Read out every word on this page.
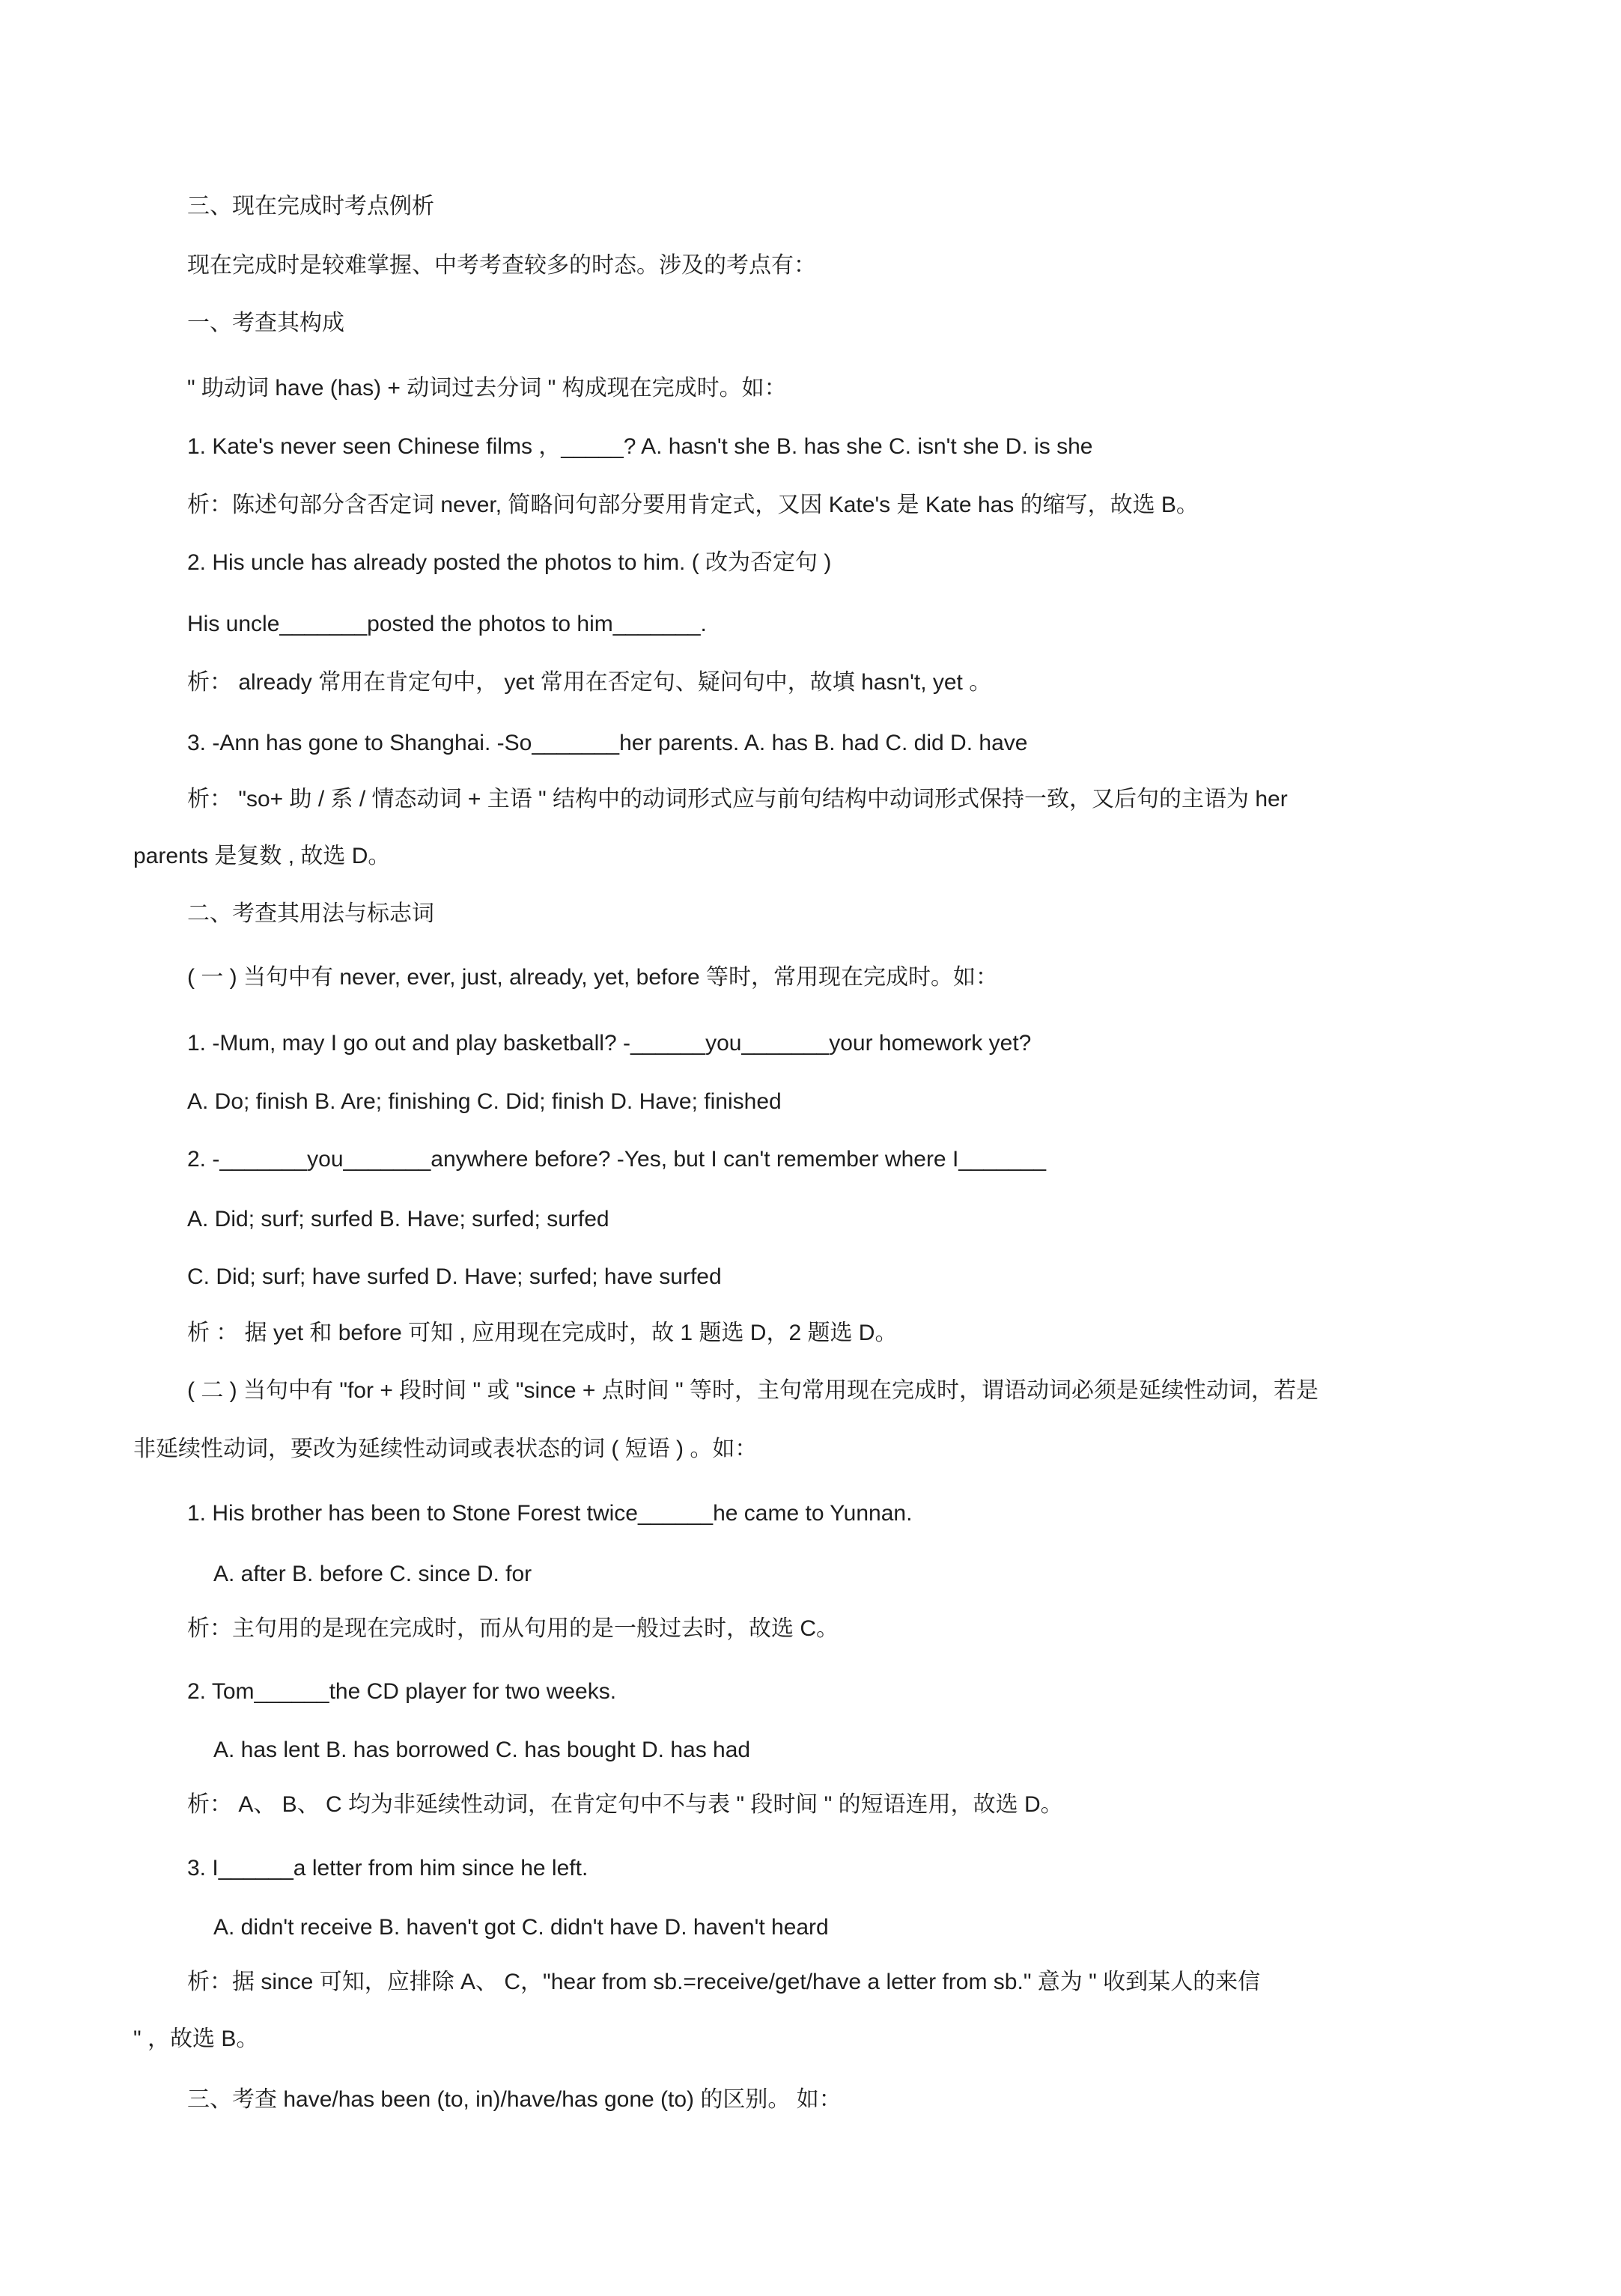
三、现在完成时考点例析
现在完成时是较难掌握、中考考查较多的时态。涉及的考点有：
一、考查其构成
" 助动词 have (has) + 动词过去分词 " 构成现在完成时。如：
1. Kate's never seen Chinese films ，_____? A. hasn't she B. has she C. isn't she D. is she
析：陈述句部分含否定词 never, 简略问句部分要用肯定式，又因 Kate's 是 Kate has 的缩写，故选 B。
2. His uncle has already posted the photos to him. ( 改为否定句 )
His uncle_______posted the photos to him_______.
析： already 常用在肯定句中， yet 常用在否定句、疑问句中，故填 hasn't, yet 。
3. -Ann has gone to Shanghai. -So_______her parents. A. has B. had C. did D. have
析： "so+ 助 / 系 / 情态动词 + 主语 " 结构中的动词形式应与前句结构中动词形式保持一致，又后句的主语为 her
parents 是复数 , 故选 D。
二、考查其用法与标志词
( 一 ) 当句中有 never, ever, just, already, yet, before 等时，常用现在完成时。如：
1. -Mum, may I go out and play basketball? -______you_______your homework yet?
A. Do; finish B. Are; finishing C. Did; finish D. Have; finished
2. -_______you_______anywhere before? -Yes, but I can't remember where I_______
A. Did; surf; surfed B. Have; surfed; surfed
C. Did; surf; have surfed D. Have; surfed; have surfed
析 ： 据 yet 和 before 可知 , 应用现在完成时，故 1 题选 D，2 题选 D。
( 二 ) 当句中有 "for + 段时间 " 或 "since + 点时间 " 等时，主句常用现在完成时，谓语动词必须是延续性动词，若是
非延续性动词，要改为延续性动词或表状态的词 ( 短语 ) 。如：
1. His brother has been to Stone Forest twice______he came to Yunnan.
A. after B. before C. since D. for
析：主句用的是现在完成时，而从句用的是一般过去时，故选 C。
2. Tom______the CD player for two weeks.
A. has lent B. has borrowed C. has bought D. has had
析： A、 B、 C 均为非延续性动词，在肯定句中不与表 " 段时间 " 的短语连用，故选 D。
3. I______a letter from him since he left.
A. didn't receive B. haven't got C. didn't have D. haven't heard
析：据 since 可知，应排除 A、 C，"hear from sb.=receive/get/have a letter from sb." 意为 " 收到某人的来信
" ，故选 B。
三、考查 have/has been (to, in)/have/has gone (to) 的区别。 如：
